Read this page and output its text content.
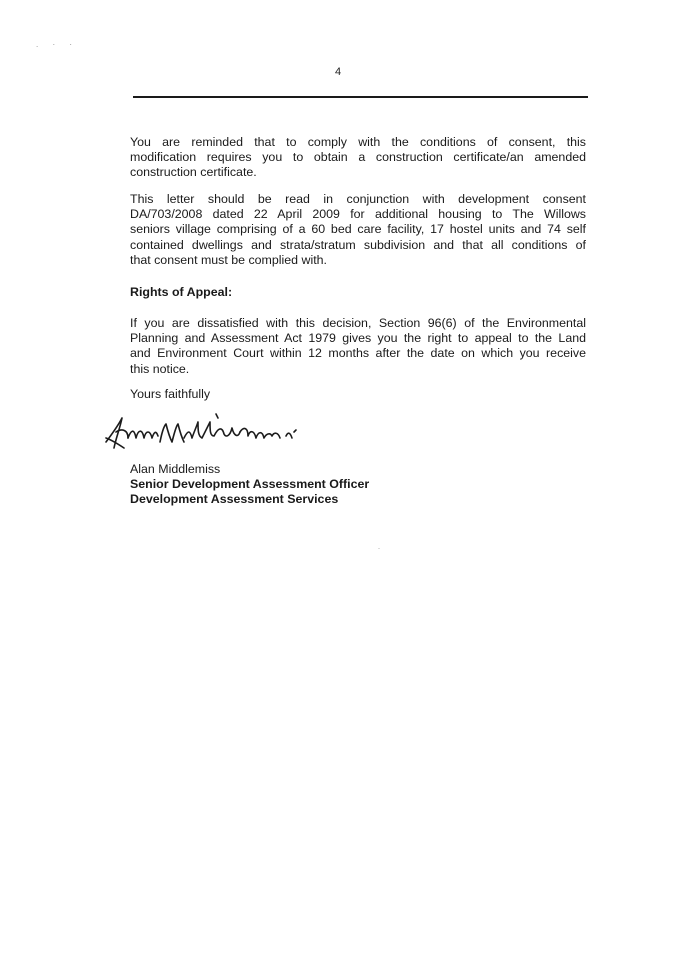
. · ·
4

You are reminded that to comply with the conditions of consent, this
modification requires you to obtain a construction certificate/an amended
construction certificate.

This letter should be read in conjunction with development consent
DA/703/2008 dated 22 April 2009 for additional housing to The Willows
seniors village comprising of a 60 bed care facility, 17 hostel units and 74 self
contained dwellings and strata/stratum subdivision and that all conditions of
that consent must be complied with.

Rights of Appeal:

If you are dissatisfied with this decision, Section 96(6) of the Environmental
Planning and Assessment Act 1979 gives you the right to appeal to the Land
and Environment Court within 12 months after the date on which you receive
this notice.

Yours faithfully

Alan Middlemiss
Senior Development Assessment Officer
Development Assessment Services
